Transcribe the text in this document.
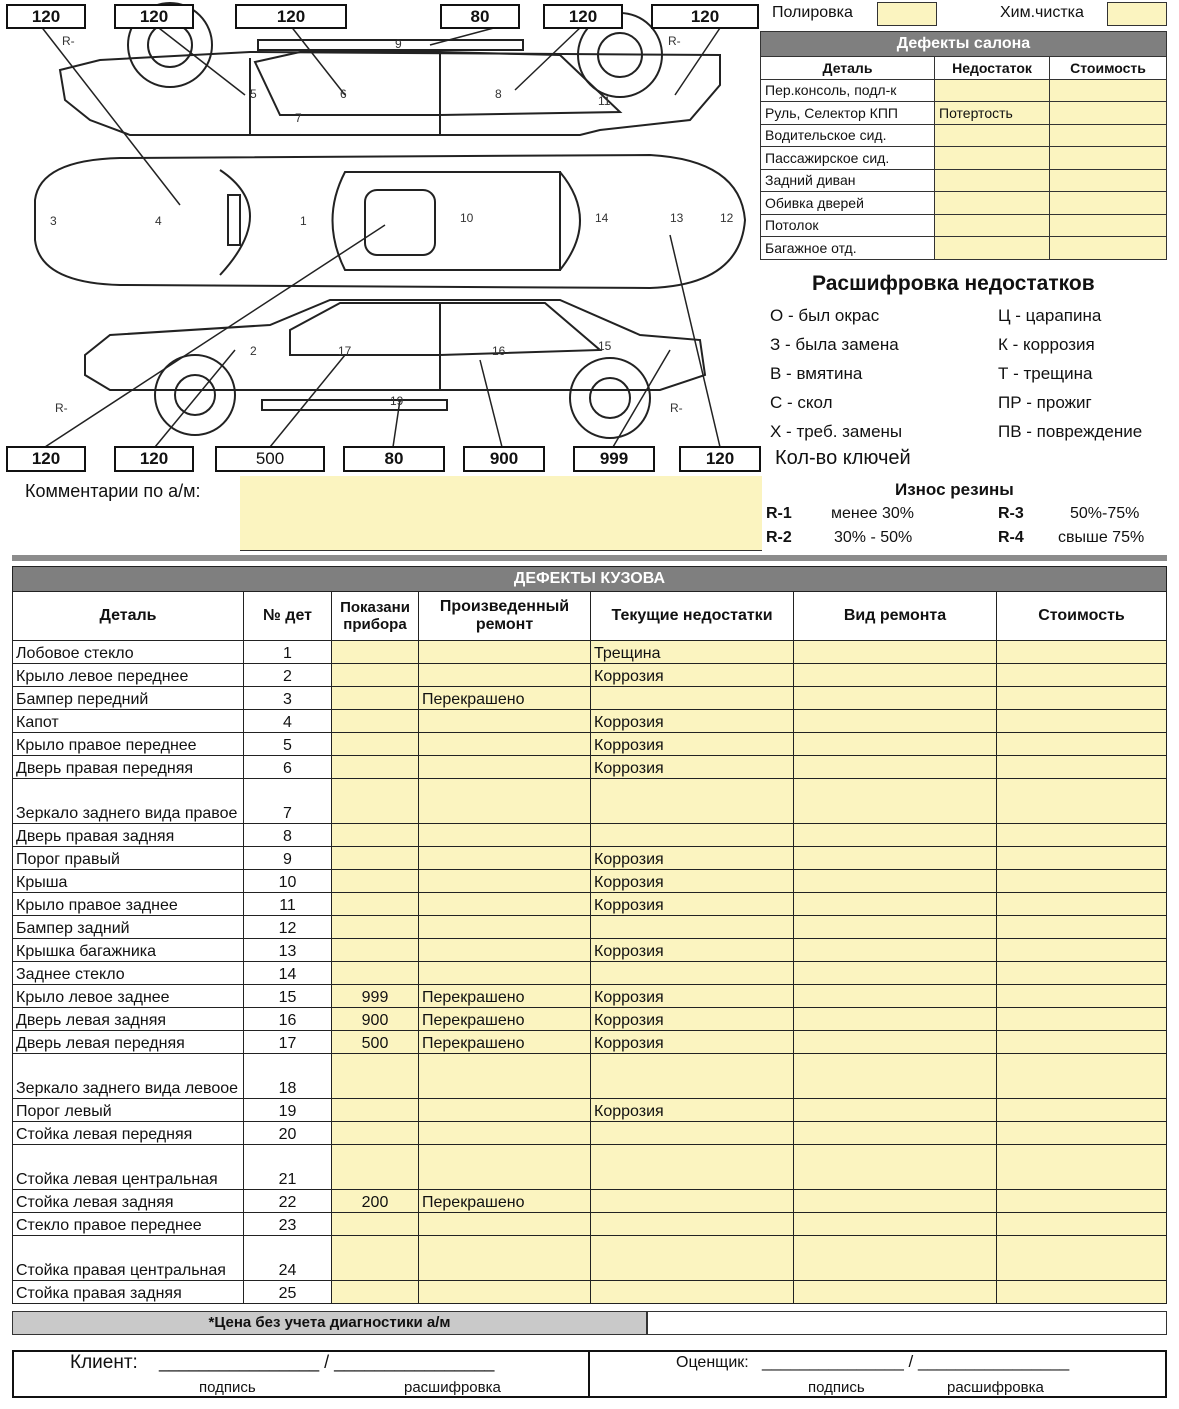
1
2
3	4
5	6
7
8
9
10
11
12
13
14
15
16
17
19
R-	R-
R-	R-
120	120	120	80	120	120
120	120	500	80	900	999	120
Полировка	Хим.чистка
Дефекты салона		
Деталь	Недостаток	Стоимость
Пер.консоль, подл-к		
Руль, Селектор КПП	Потертость	
Водительское сид.		
Пассажирское сид.		
Задний диван		
Обивка дверей		
Потолок		
Багажное отд.		
Расшифровка недостатков
О - был окрас
З - была замена
В - вмятина
С - скол
Х - треб. замены
Ц - царапина
К - коррозия
Т - трещина
ПР - прожиг
ПВ - повреждение
Кол-во ключей
Комментарии по а/м:	Износ резины
R-1 менее 30%
R-2	30% - 50%
R-3	50%-75%
R-4 свыше 75%
ДЕФЕКТЫ КУЗОВА						
Деталь	№ дет	Показани прибора	Произведенный ремонт	Текущие недостатки	Вид ремонта	Стоимость
Лобовое стекло	1			Трещина		
Крыло левое переднее	2			Коррозия		
Бампер передний	3		Перекрашено			
Капот	4			Коррозия		
Крыло правое переднее	5			Коррозия		
Дверь правая передняя	6			Коррозия		
Зеркало заднего вида правое	7					
Дверь правая задняя	8					
Порог правый	9			Коррозия		
Крыша	10			Коррозия		
Крыло правое заднее	11			Коррозия		
Бампер задний	12					
Крышка багажника	13			Коррозия		
Заднее стекло	14					
Крыло левое заднее	15	999	Перекрашено	Коррозия		
Дверь левая задняя	16	900	Перекрашено	Коррозия		
Дверь левая передняя	17	500	Перекрашено	Коррозия		
Зеркало заднего вида левоое	18					
Порог левый	19			Коррозия		
Стойка левая передняя	20					
Стойка левая центральная	21					
Стойка левая задняя	22	200	Перекрашено			
Стекло правое переднее	23					
Стойка правая центральная	24					
Стойка правая задняя	25					
*Цена без учета диагностики а/м
Клиент: ________________ / ________________
подпись	расшифровка
Оценщик: _______________ / ________________
подпись	расшифровка
